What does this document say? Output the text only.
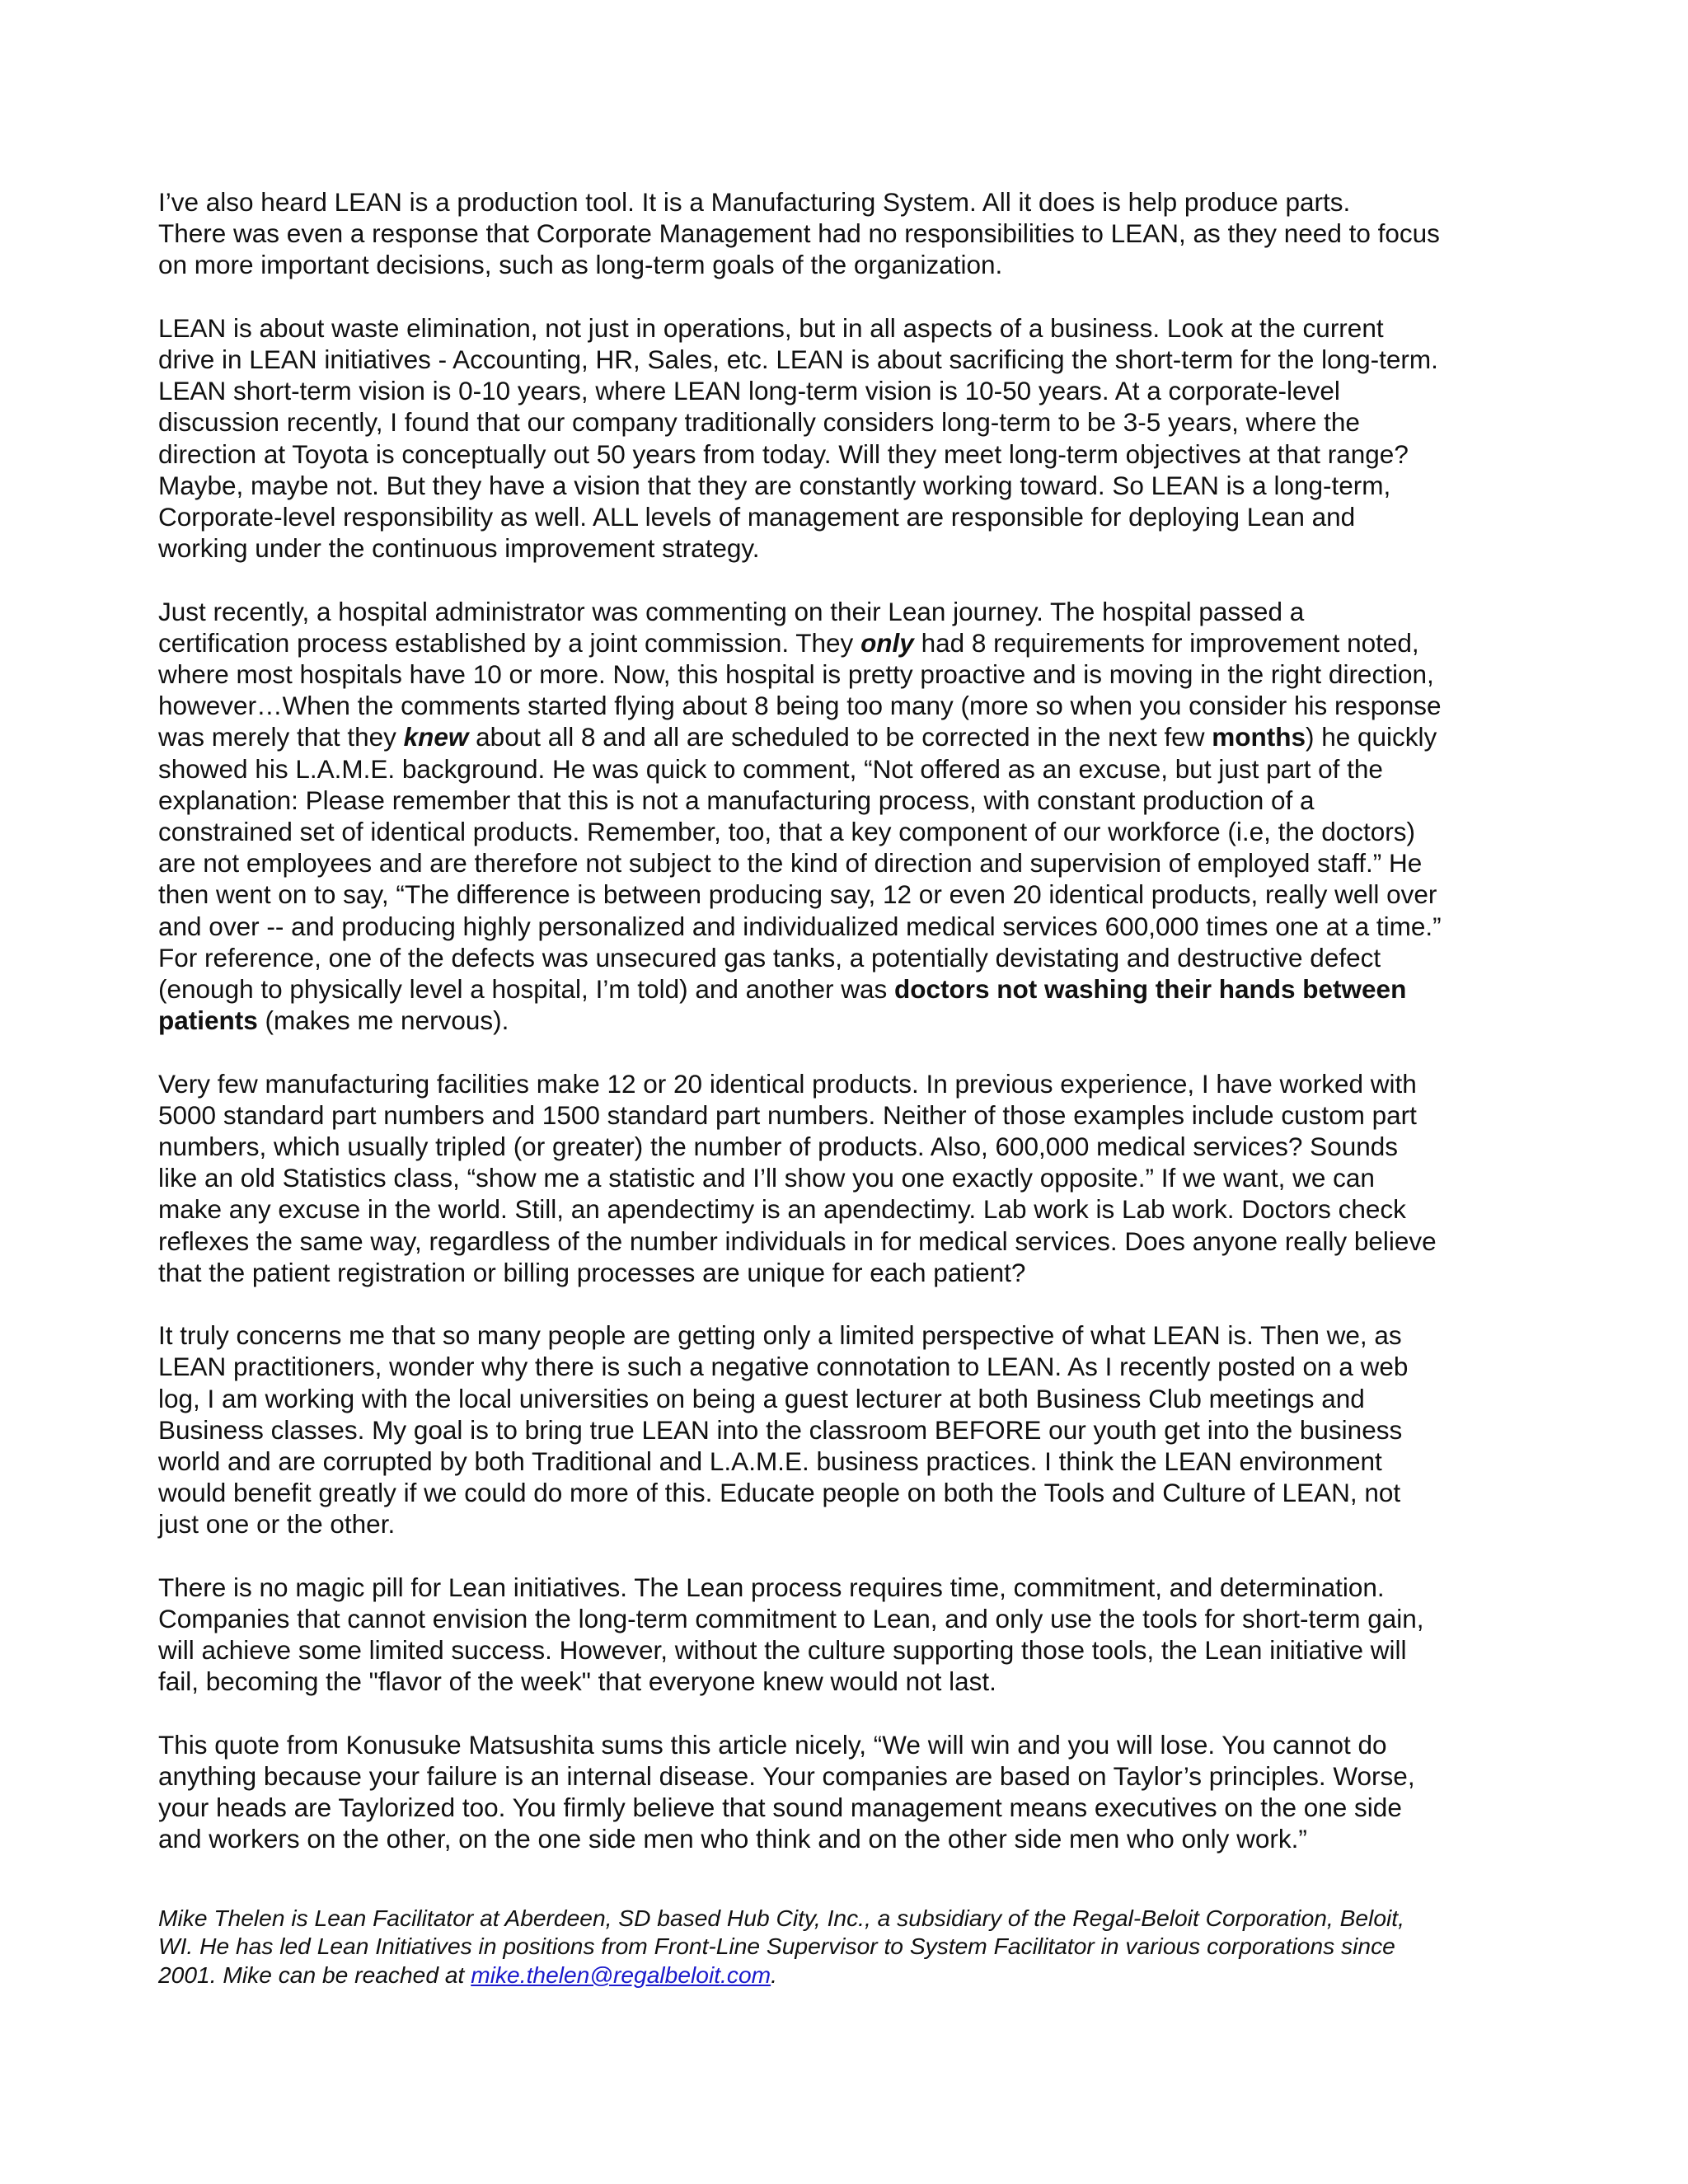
I’ve also heard LEAN is a production tool. It is a Manufacturing System. All it does is help produce parts.
There was even a response that Corporate Management had no responsibilities to LEAN, as they need to focus
on more important decisions, such as long-term goals of the organization.

LEAN is about waste elimination, not just in operations, but in all aspects of a business. Look at the current
drive in LEAN initiatives - Accounting, HR, Sales, etc. LEAN is about sacrificing the short-term for the long-term.
LEAN short-term vision is 0-10 years, where LEAN long-term vision is 10-50 years. At a corporate-level
discussion recently, I found that our company traditionally considers long-term to be 3-5 years, where the
direction at Toyota is conceptually out 50 years from today. Will they meet long-term objectives at that range?
Maybe, maybe not. But they have a vision that they are constantly working toward. So LEAN is a long-term,
Corporate-level responsibility as well. ALL levels of management are responsible for deploying Lean and
working under the continuous improvement strategy.

Just recently, a hospital administrator was commenting on their Lean journey. The hospital passed a
certification process established by a joint commission. They only had 8 requirements for improvement noted,
where most hospitals have 10 or more. Now, this hospital is pretty proactive and is moving in the right direction,
however…When the comments started flying about 8 being too many (more so when you consider his response
was merely that they knew about all 8 and all are scheduled to be corrected in the next few months) he quickly
showed his L.A.M.E. background. He was quick to comment, “Not offered as an excuse, but just part of the
explanation: Please remember that this is not a manufacturing process, with constant production of a
constrained set of identical products. Remember, too, that a key component of our workforce (i.e, the doctors)
are not employees and are therefore not subject to the kind of direction and supervision of employed staff.” He
then went on to say, “The difference is between producing say, 12 or even 20 identical products, really well over
and over -- and producing highly personalized and individualized medical services 600,000 times one at a time.”
For reference, one of the defects was unsecured gas tanks, a potentially devistating and destructive defect
(enough to physically level a hospital, I’m told) and another was doctors not washing their hands between
patients (makes me nervous).

Very few manufacturing facilities make 12 or 20 identical products. In previous experience, I have worked with
5000 standard part numbers and 1500 standard part numbers. Neither of those examples include custom part
numbers, which usually tripled (or greater) the number of products. Also, 600,000 medical services? Sounds
like an old Statistics class, “show me a statistic and I’ll show you one exactly opposite.” If we want, we can
make any excuse in the world. Still, an apendectimy is an apendectimy. Lab work is Lab work. Doctors check
reflexes the same way, regardless of the number individuals in for medical services. Does anyone really believe
that the patient registration or billing processes are unique for each patient?

It truly concerns me that so many people are getting only a limited perspective of what LEAN is. Then we, as
LEAN practitioners, wonder why there is such a negative connotation to LEAN. As I recently posted on a web
log, I am working with the local universities on being a guest lecturer at both Business Club meetings and
Business classes. My goal is to bring true LEAN into the classroom BEFORE our youth get into the business
world and are corrupted by both Traditional and L.A.M.E. business practices. I think the LEAN environment
would benefit greatly if we could do more of this. Educate people on both the Tools and Culture of LEAN, not
just one or the other.

There is no magic pill for Lean initiatives. The Lean process requires time, commitment, and determination.
Companies that cannot envision the long-term commitment to Lean, and only use the tools for short-term gain,
will achieve some limited success. However, without the culture supporting those tools, the Lean initiative will
fail, becoming the "flavor of the week" that everyone knew would not last.

This quote from Konusuke Matsushita sums this article nicely, “We will win and you will lose. You cannot do
anything because your failure is an internal disease. Your companies are based on Taylor’s principles. Worse,
your heads are Taylorized too. You firmly believe that sound management means executives on the one side
and workers on the other, on the one side men who think and on the other side men who only work.”

Mike Thelen is Lean Facilitator at Aberdeen, SD based Hub City, Inc., a subsidiary of the Regal-Beloit Corporation, Beloit,
WI. He has led Lean Initiatives in positions from Front-Line Supervisor to System Facilitator in various corporations since
2001. Mike can be reached at mike.thelen@regalbeloit.com.
